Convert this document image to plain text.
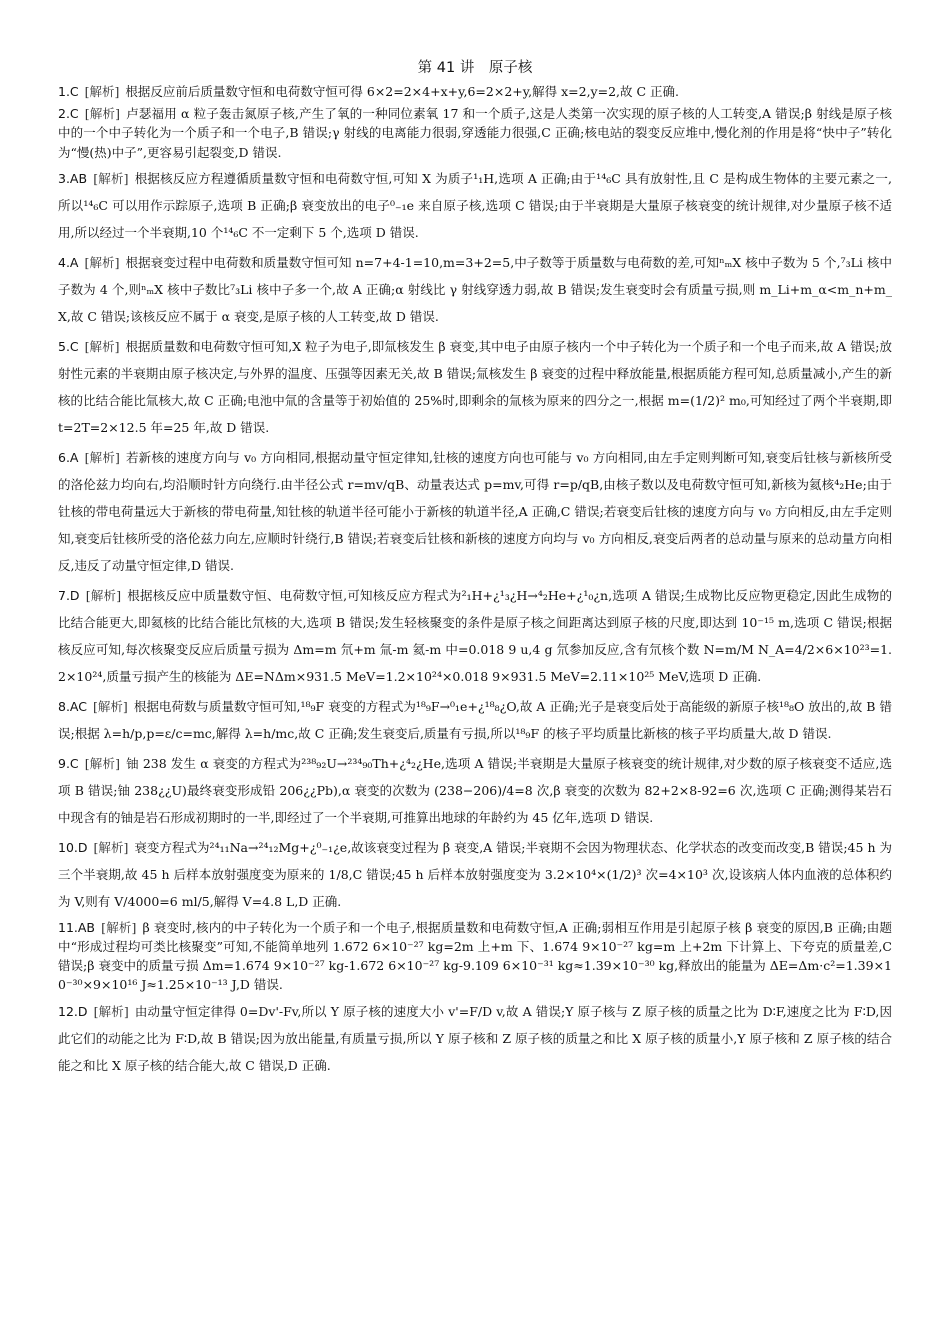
第 41 讲　原子核
1.C [解析] 根据反应前后质量数守恒和电荷数守恒可得 6×2=2×4+x+y,6=2×2+y,解得 x=2,y=2,故 C 正确.
2.C [解析] 卢瑟福用 α 粒子轰击氮原子核,产生了氧的一种同位素氧 17 和一个质子,这是人类第一次实现的原子核的人工转变,A 错误;β 射线是原子核中的一个中子转化为一个质子和一个电子,B 错误;γ 射线的电离能力很弱,穿透能力很强,C 正确;核电站的裂变反应堆中,慢化剂的作用是将“快中子”转化为“慢(热)中子”,更容易引起裂变,D 错误.
3.AB [解析] 根据核反应方程遵循质量数守恒和电荷数守恒,可知 X 为质子¹₁H,选项 A 正确;由于¹⁴₆C 具有放射性,且 C 是构成生物体的主要元素之一,所以¹⁴₆C 可以用作示踪原子,选项 B 正确;β 衰变放出的电子⁰₋₁e 来自原子核,选项 C 错误;由于半衰期是大量原子核衰变的统计规律,对少量原子核不适用,所以经过一个半衰期,10 个¹⁴₆C 不一定剩下 5 个,选项 D 错误.
4.A [解析] 根据衰变过程中电荷数和质量数守恒可知 n=7+4-1=10,m=3+2=5,中子数等于质量数与电荷数的差,可知ⁿₘX 核中子数为 5 个,⁷₃Li 核中子数为 4 个,则ⁿₘX 核中子数比⁷₃Li 核中子多一个,故 A 正确;α 射线比 γ 射线穿透力弱,故 B 错误;发生衰变时会有质量亏损,则 m_Li+m_α<m_n+m_X,故 C 错误;该核反应不属于 α 衰变,是原子核的人工转变,故 D 错误.
5.C [解析] 根据质量数和电荷数守恒可知,X 粒子为电子,即氚核发生 β 衰变,其中电子由原子核内一个中子转化为一个质子和一个电子而来,故 A 错误;放射性元素的半衰期由原子核决定,与外界的温度、压强等因素无关,故 B 错误;氚核发生 β 衰变的过程中释放能量,根据质能方程可知,总质量减小,产生的新核的比结合能比氚核大,故 C 正确;电池中氚的含量等于初始值的 25%时,即剩余的氚核为原来的四分之一,根据 m=(1/2)² m₀,可知经过了两个半衰期,即 t=2T=2×12.5 年=25 年,故 D 错误.
6.A [解析] 若新核的速度方向与 v₀ 方向相同,根据动量守恒定律知,钍核的速度方向也可能与 v₀ 方向相同,由左手定则判断可知,衰变后钍核与新核所受的洛伦兹力均向右,均沿顺时针方向绕行.由半径公式 r=mv/qB、动量表达式 p=mv,可得 r=p/qB,由核子数以及电荷数守恒可知,新核为氦核⁴₂He;由于钍核的带电荷量远大于新核的带电荷量,知钍核的轨道半径可能小于新核的轨道半径,A 正确,C 错误;若衰变后钍核的速度方向与 v₀ 方向相反,由左手定则知,衰变后钍核所受的洛伦兹力向左,应顺时针绕行,B 错误;若衰变后钍核和新核的速度方向均与 v₀ 方向相反,衰变后两者的总动量与原来的总动量方向相反,违反了动量守恒定律,D 错误.
7.D [解析] 根据核反应中质量数守恒、电荷数守恒,可知核反应方程式为²₁H+¿¹₃¿H→⁴₂He+¿¹₀¿n,选项 A 错误;生成物比反应物更稳定,因此生成物的比结合能更大,即氦核的比结合能比氘核的大,选项 B 错误;发生轻核聚变的条件是原子核之间距离达到原子核的尺度,即达到 10⁻¹⁵ m,选项 C 错误;根据核反应可知,每次核聚变反应后质量亏损为 Δm=m 氘+m 氚-m 氦-m 中=0.018 9 u,4 g 氘参加反应,含有氘核个数 N=m/M N_A=4/2×6×10²³=1.2×10²⁴,质量亏损产生的核能为 ΔE=NΔm×931.5 MeV=1.2×10²⁴×0.018 9×931.5 MeV=2.11×10²⁵ MeV,选项 D 正确.
8.AC [解析] 根据电荷数与质量数守恒可知,¹⁸₉F 衰变的方程式为¹⁸₉F→⁰₁e+¿¹⁸₈¿O,故 A 正确;光子是衰变后处于高能级的新原子核¹⁸₈O 放出的,故 B 错误;根据 λ=h/p,p=ε/c=mc,解得 λ=h/mc,故 C 正确;发生衰变后,质量有亏损,所以¹⁸₉F 的核子平均质量比新核的核子平均质量大,故 D 错误.
9.C [解析] 铀 238 发生 α 衰变的方程式为²³⁸₉₂U→²³⁴₉₀Th+¿⁴₂¿He,选项 A 错误;半衰期是大量原子核衰变的统计规律,对少数的原子核衰变不适应,选项 B 错误;铀 238¿¿U)最终衰变形成铅 206¿¿Pb),α 衰变的次数为 (238−206)/4=8 次,β 衰变的次数为 82+2×8-92=6 次,选项 C 正确;测得某岩石中现含有的铀是岩石形成初期时的一半,即经过了一个半衰期,可推算出地球的年龄约为 45 亿年,选项 D 错误.
10.D [解析] 衰变方程式为²⁴₁₁Na→²⁴₁₂Mg+¿⁰₋₁¿e,故该衰变过程为 β 衰变,A 错误;半衰期不会因为物理状态、化学状态的改变而改变,B 错误;45 h 为三个半衰期,故 45 h 后样本放射强度变为原来的 1/8,C 错误;45 h 后样本放射强度变为 3.2×10⁴×(1/2)³ 次=4×10³ 次,设该病人体内血液的总体积约为 V,则有 V/4000=6 ml/5,解得 V=4.8 L,D 正确.
11.AB [解析] β 衰变时,核内的中子转化为一个质子和一个电子,根据质量数和电荷数守恒,A 正确;弱相互作用是引起原子核 β 衰变的原因,B 正确;由题中“形成过程均可类比核聚变”可知,不能简单地列 1.672 6×10⁻²⁷ kg=2m 上+m 下、1.674 9×10⁻²⁷ kg=m 上+2m 下计算上、下夸克的质量差,C 错误;β 衰变中的质量亏损 Δm=1.674 9×10⁻²⁷ kg-1.672 6×10⁻²⁷ kg-9.109 6×10⁻³¹ kg≈1.39×10⁻³⁰ kg,释放出的能量为 ΔE=Δm·c²=1.39×10⁻³⁰×9×10¹⁶ J≈1.25×10⁻¹³ J,D 错误.
12.D [解析] 由动量守恒定律得 0=Dv'-Fv,所以 Y 原子核的速度大小 v'=F/D v,故 A 错误;Y 原子核与 Z 原子核的质量之比为 D∶F,速度之比为 F∶D,因此它们的动能之比为 F∶D,故 B 错误;因为放出能量,有质量亏损,所以 Y 原子核和 Z 原子核的质量之和比 X 原子核的质量小,Y 原子核和 Z 原子核的结合能之和比 X 原子核的结合能大,故 C 错误,D 正确.
